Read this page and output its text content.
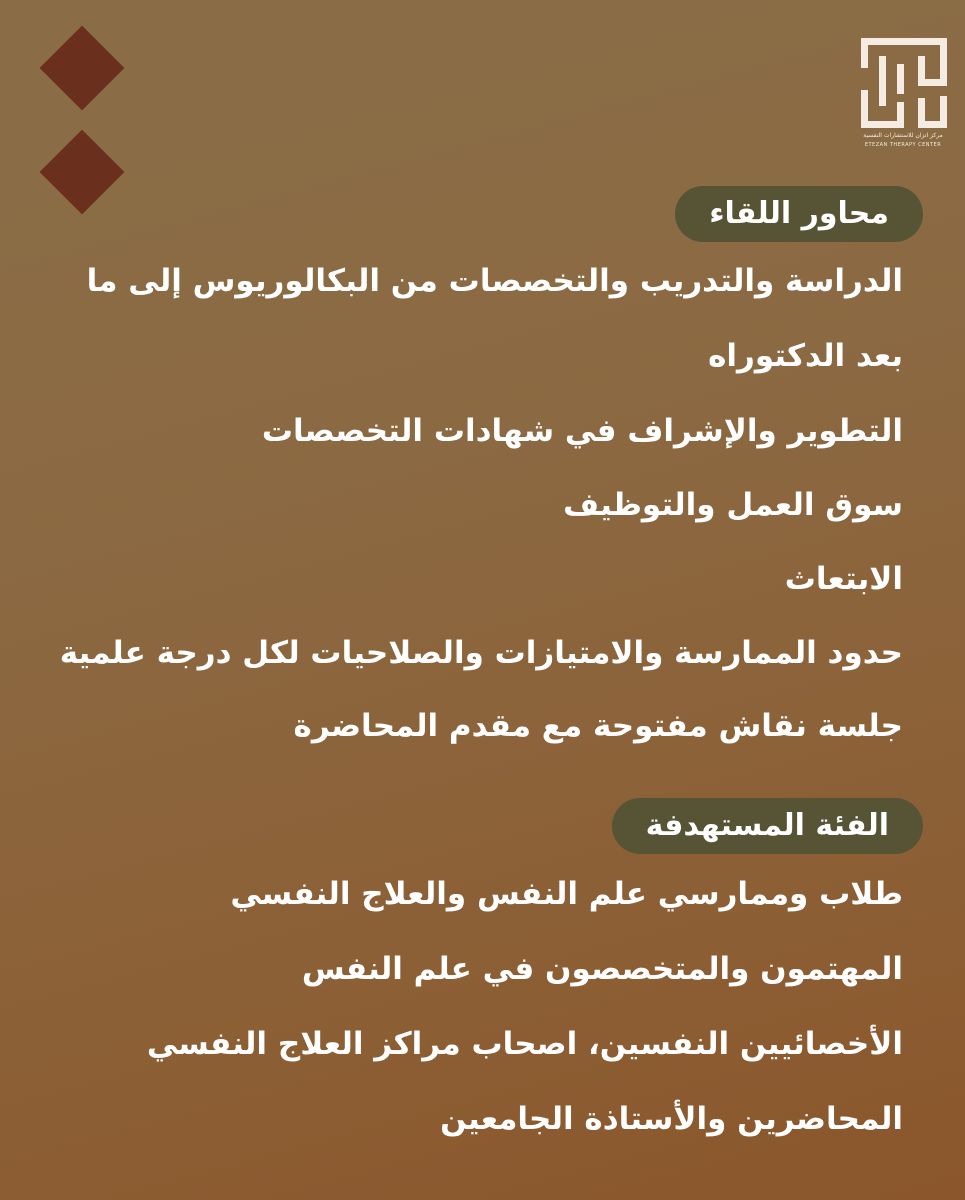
مركز اتزان للاستشارات النفسية
ETEZAN THERAPY CENTER
محاور اللقاء
الدراسة والتدريب والتخصصات من البكالوريوس إلى ما
بعد الدكتوراه
التطوير والإشراف في شهادات التخصصات
سوق العمل والتوظيف
الابتعاث
حدود الممارسة والامتيازات والصلاحيات لكل درجة علمية
جلسة نقاش مفتوحة مع مقدم المحاضرة
الفئة المستهدفة
طلاب وممارسي علم النفس والعلاج النفسي
المهتمون والمتخصصون في علم النفس
الأخصائيين النفسين، اصحاب مراكز العلاج النفسي
المحاضرين والأستاذة الجامعين
